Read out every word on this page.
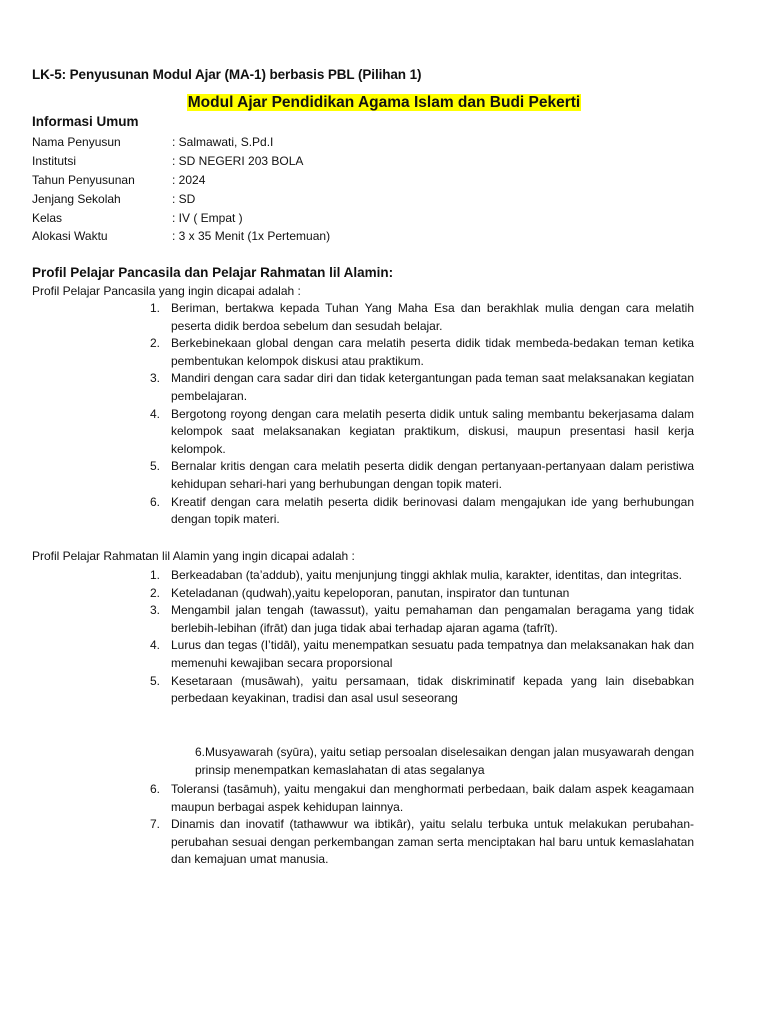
LK-5: Penyusunan Modul Ajar (MA-1) berbasis PBL (Pilihan 1)
Modul Ajar Pendidikan Agama Islam dan Budi Pekerti
Informasi Umum
Nama Penyusun	: Salmawati, S.Pd.I
Institutsi	: SD NEGERI 203 BOLA
Tahun Penyusunan	: 2024
Jenjang Sekolah	: SD
Kelas	: IV ( Empat )
Alokasi Waktu	: 3 x 35 Menit (1x Pertemuan)
Profil Pelajar Pancasila dan Pelajar Rahmatan lil Alamin:
Profil Pelajar Pancasila yang ingin dicapai adalah :
1. Beriman, bertakwa kepada Tuhan Yang Maha Esa dan berakhlak mulia dengan cara melatih peserta didik berdoa sebelum dan sesudah belajar.
2. Berkebinekaan global dengan cara melatih peserta didik tidak membeda-bedakan teman ketika pembentukan kelompok diskusi atau praktikum.
3. Mandiri dengan cara sadar diri dan tidak ketergantungan pada teman saat melaksanakan kegiatan pembelajaran.
4. Bergotong royong dengan cara melatih peserta didik untuk saling membantu bekerjasama dalam kelompok saat melaksanakan kegiatan praktikum, diskusi, maupun presentasi hasil kerja kelompok.
5. Bernalar kritis dengan cara melatih peserta didik dengan pertanyaan-pertanyaan dalam peristiwa kehidupan sehari-hari yang berhubungan dengan topik materi.
6. Kreatif dengan cara melatih peserta didik berinovasi dalam mengajukan ide yang berhubungan dengan topik materi.
Profil Pelajar Rahmatan lil Alamin yang ingin dicapai adalah :
1. Berkeadaban (ta’addub), yaitu menjunjung tinggi akhlak mulia, karakter, identitas, dan integritas.
2. Keteladanan (qudwah),yaitu kepeloporan, panutan, inspirator dan tuntunan
3. Mengambil jalan tengah (tawassut), yaitu pemahaman dan pengamalan beragama yang tidak berlebih-lebihan (ifrāt) dan juga tidak abai terhadap ajaran agama (tafrīt).
4. Lurus dan tegas (I’tidāl), yaitu menempatkan sesuatu pada tempatnya dan melaksanakan hak dan memenuhi kewajiban secara proporsional
5. Kesetaraan (musāwah), yaitu persamaan, tidak diskriminatif kepada yang lain disebabkan perbedaan keyakinan, tradisi dan asal usul seseorang
6.Musyawarah (syūra), yaitu setiap persoalan diselesaikan dengan jalan musyawarah dengan prinsip menempatkan kemaslahatan di atas segalanya
6. Toleransi (tasāmuh), yaitu mengakui dan menghormati perbedaan, baik dalam aspek keagamaan maupun berbagai aspek kehidupan lainnya.
7. Dinamis dan inovatif (tathawwur wa ibtikâr), yaitu selalu terbuka untuk melakukan perubahan-perubahan sesuai dengan perkembangan zaman serta menciptakan hal baru untuk kemaslahatan dan kemajuan umat manusia.
